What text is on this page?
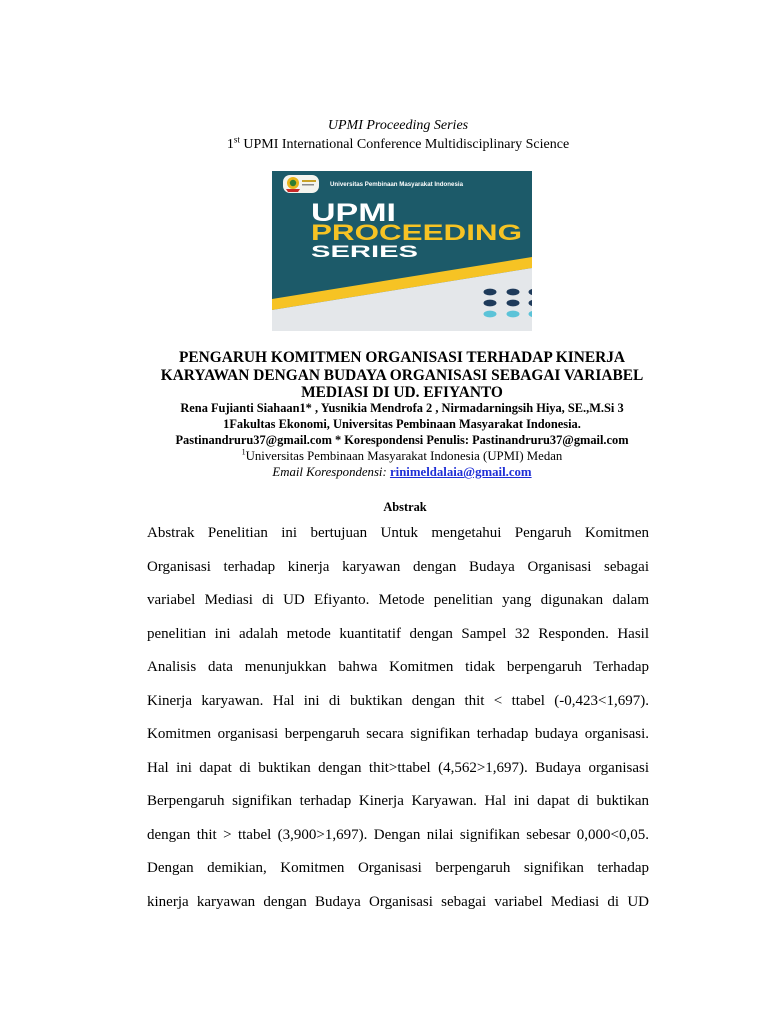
UPMI Proceeding Series
1st UPMI International Conference Multidisciplinary Science
Universitas Pembinaan Masyarakat Indonesia
UPMI
PROCEEDING
SERIES
PENGARUH KOMITMEN ORGANISASI TERHADAP KINERJA
KARYAWAN DENGAN BUDAYA ORGANISASI SEBAGAI VARIABEL
MEDIASI DI UD. EFIYANTO
Rena Fujianti Siahaan1* , Yusnikia Mendrofa 2 , Nirmadarningsih Hiya, SE.,M.Si 3
1Fakultas Ekonomi, Universitas Pembinaan Masyarakat Indonesia.
Pastinandruru37@gmail.com * Korespondensi Penulis: Pastinandruru37@gmail.com
$^1$Universitas Pembinaan Masyarakat Indonesia (UPMI) Medan
Email Korespondensi: rinimeldalaia@gmail.com
Abstrak
Abstrak Penelitian ini bertujuan Untuk mengetahui Pengaruh Komitmen
Organisasi terhadap kinerja karyawan dengan Budaya Organisasi sebagai
variabel Mediasi di UD Efiyanto. Metode penelitian yang digunakan dalam
penelitian ini adalah metode kuantitatif dengan Sampel 32 Responden. Hasil
Analisis data menunjukkan bahwa Komitmen tidak berpengaruh Terhadap
Kinerja karyawan. Hal ini di buktikan dengan thit < ttabel (-0,423<1,697).
Komitmen organisasi berpengaruh secara signifikan terhadap budaya organisasi.
Hal ini dapat di buktikan dengan thit>ttabel (4,562>1,697). Budaya organisasi
Berpengaruh signifikan terhadap Kinerja Karyawan. Hal ini dapat di buktikan
dengan thit > ttabel (3,900>1,697). Dengan nilai signifikan sebesar 0,000<0,05.
Dengan demikian, Komitmen Organisasi berpengaruh signifikan terhadap
kinerja karyawan dengan Budaya Organisasi sebagai variabel Mediasi di UD
